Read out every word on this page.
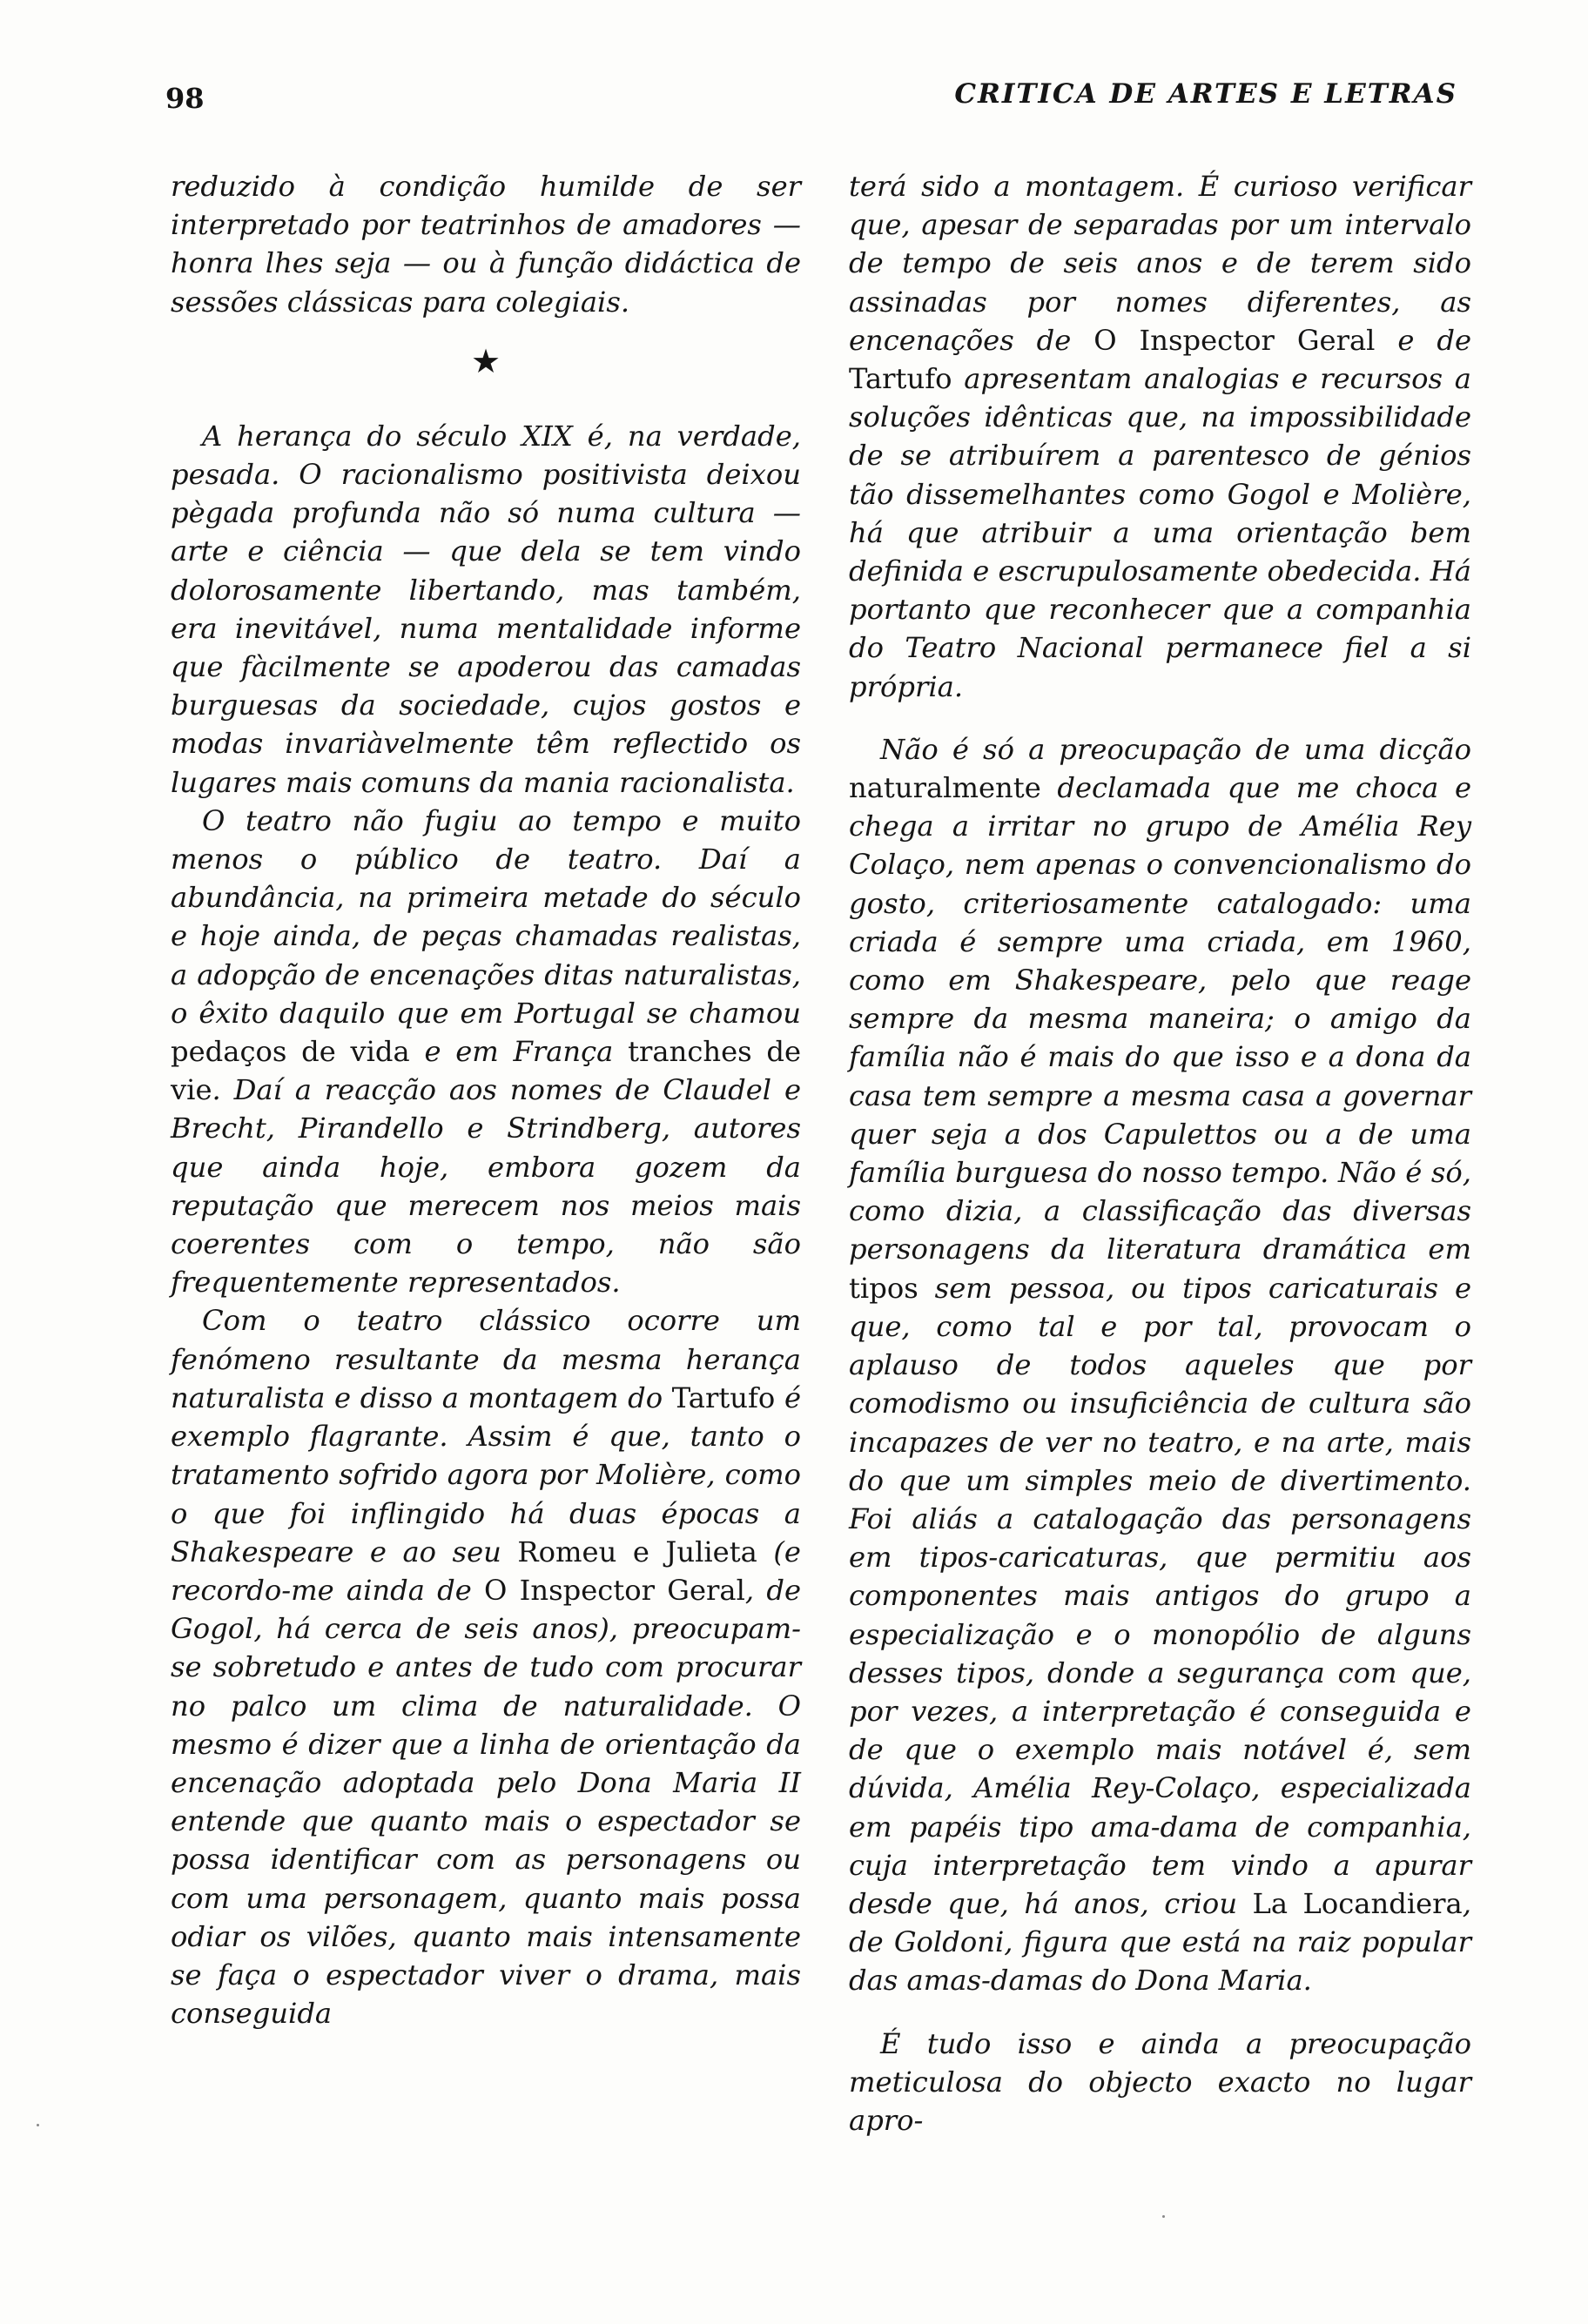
98	CRITICA DE ARTES E LETRAS

reduzido à condição humilde de ser interpretado por teatrinhos de amadores — honra lhes seja — ou à função didáctica de sessões clássicas para colegiais.

★

A herança do século XIX é, na verdade, pesada. O racionalismo positivista deixou pègada profunda não só numa cultura — arte e ciência — que dela se tem vindo dolorosamente libertando, mas também, era inevitável, numa mentalidade informe que fàcilmente se apoderou das camadas burguesas da sociedade, cujos gostos e modas invariàvelmente têm reflectido os lugares mais comuns da mania racionalista.

O teatro não fugiu ao tempo e muito menos o público de teatro. Daí a abundância, na primeira metade do século e hoje ainda, de peças chamadas realistas, a adopção de encenações ditas naturalistas, o êxito daquilo que em Portugal se chamou pedaços de vida e em França tranches de vie. Daí a reacção aos nomes de Claudel e Brecht, Pirandello e Strindberg, autores que ainda hoje, embora gozem da reputação que merecem nos meios mais coerentes com o tempo, não são frequentemente representados.

Com o teatro clássico ocorre um fenómeno resultante da mesma herança naturalista e disso a montagem do Tartufo é exemplo flagrante. Assim é que, tanto o tratamento sofrido agora por Molière, como o que foi inflingido há duas épocas a Shakespeare e ao seu Romeu e Julieta (e recordo-me ainda de O Inspector Geral, de Gogol, há cerca de seis anos), preocupam-se sobretudo e antes de tudo com procurar no palco um clima de naturalidade. O mesmo é dizer que a linha de orientação da encenação adoptada pelo Dona Maria II entende que quanto mais o espectador se possa identificar com as personagens ou com uma personagem, quanto mais possa odiar os vilões, quanto mais intensamente se faça o espectador viver o drama, mais conseguida

terá sido a montagem. É curioso verificar que, apesar de separadas por um intervalo de tempo de seis anos e de terem sido assinadas por nomes diferentes, as encenações de O Inspector Geral e de Tartufo apresentam analogias e recursos a soluções idênticas que, na impossibilidade de se atribuírem a parentesco de génios tão dissemelhantes como Gogol e Molière, há que atribuir a uma orientação bem definida e escrupulosamente obedecida. Há portanto que reconhecer que a companhia do Teatro Nacional permanece fiel a si própria.

Não é só a preocupação de uma dicção naturalmente declamada que me choca e chega a irritar no grupo de Amélia Rey Colaço, nem apenas o convencionalismo do gosto, criteriosamente catalogado: uma criada é sempre uma criada, em 1960, como em Shakespeare, pelo que reage sempre da mesma maneira; o amigo da família não é mais do que isso e a dona da casa tem sempre a mesma casa a governar quer seja a dos Capulettos ou a de uma família burguesa do nosso tempo. Não é só, como dizia, a classificação das diversas personagens da literatura dramática em tipos sem pessoa, ou tipos caricaturais e que, como tal e por tal, provocam o aplauso de todos aqueles que por comodismo ou insuficiência de cultura são incapazes de ver no teatro, e na arte, mais do que um simples meio de divertimento. Foi aliás a catalogação das personagens em tipos-caricaturas, que permitiu aos componentes mais antigos do grupo a especialização e o monopólio de alguns desses tipos, donde a segurança com que, por vezes, a interpretação é conseguida e de que o exemplo mais notável é, sem dúvida, Amélia Rey-Colaço, especializada em papéis tipo ama-dama de companhia, cuja interpretação tem vindo a apurar desde que, há anos, criou La Locandiera, de Goldoni, figura que está na raiz popular das amas-damas do Dona Maria.

É tudo isso e ainda a preocupação meticulosa do objecto exacto no lugar apro-
